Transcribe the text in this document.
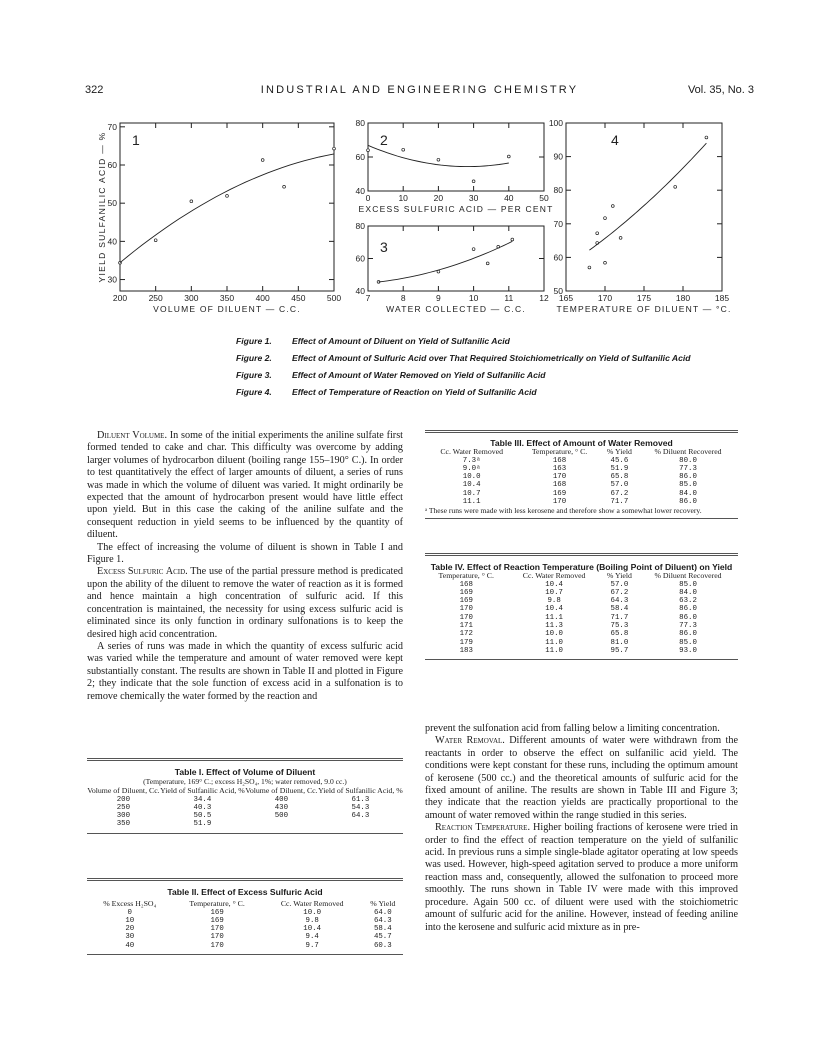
322	INDUSTRIAL AND ENGINEERING CHEMISTRY	Vol. 35, No. 3
1
200	250	300	350	400	450	500
30
40
50
60
70
VOLUME OF DILUENT — C.C.
2
0	10	20	30	40	50
40
60
80
EXCESS SULFURIC ACID — PER CENT
3
7	8	9	10	11	12
40
60
80
WATER COLLECTED — C.C.
4
165	170	175	180	185
50
60
70
80
90
100
TEMPERATURE OF DILUENT — °C.
YIELD SULFANILIC ACID — %
Figure 1.	Effect of Amount of Diluent on Yield of Sulfanilic Acid
Figure 2.	Effect of Amount of Sulfuric Acid over That Required Stoichiometrically on Yield of Sulfanilic Acid
Figure 3.	Effect of Amount of Water Removed on Yield of Sulfanilic Acid
Figure 4.	Effect of Temperature of Reaction on Yield of Sulfanilic Acid

Diluent Volume. In some of the initial experiments the aniline sulfate first formed tended to cake and char. This difficulty was overcome by adding larger volumes of hydrocarbon diluent (boiling range 155–190° C.). In order to test quantitatively the effect of larger amounts of diluent, a series of runs was made in which the volume of diluent was varied. It might ordinarily be expected that the amount of hydrocarbon present would have little effect upon yield. But in this case the caking of the aniline sulfate and the consequent reduction in yield seems to be influenced by the quantity of diluent.

The effect of increasing the volume of diluent is shown in Table I and Figure 1.

Excess Sulfuric Acid. The use of the partial pressure method is predicated upon the ability of the diluent to remove the water of reaction as it is formed and hence maintain a high concentration of sulfuric acid. If this concentration is maintained, the necessity for using excess sulfuric acid is eliminated since its only function in ordinary sulfonations is to keep the desired high acid concentration.

A series of runs was made in which the quantity of excess sulfuric acid was varied while the temperature and amount of water removed were kept substantially constant. The results are shown in Table II and plotted in Figure 2; they indicate that the sole function of excess acid in a sulfonation is to remove chemically the water formed by the reaction and

Table I. Effect of Volume of Diluent
(Temperature, 169° C.; excess H₂SO₄, 1%; water removed, 9.0 cc.)
Volume of Diluent, Cc.	Yield of Sulfanilic Acid, %	Volume of Diluent, Cc.	Yield of Sulfanilic Acid, %
200	34.4	400	61.3
250	40.3	430	54.3
300	50.5	500	64.3
350	51.9		
Table II. Effect of Excess Sulfuric Acid
% Excess H₂SO₄	Temperature, ° C.	Cc. Water Removed	% Yield
0	169	10.0	64.0
10	169	9.8	64.3
20	170	10.4	58.4
30	170	9.4	45.7
40	170	9.7	60.3
Table III. Effect of Amount of Water Removed
Cc. Water Removed	Temperature, ° C.	% Yield	% Diluent Recovered
7.3ᵃ	168	45.6	80.0
9.0ᵃ	163	51.9	77.3
10.0	170	65.8	86.0
10.4	168	57.0	85.0
10.7	169	67.2	84.0
11.1	170	71.7	86.0
ᵃ These runs were made with less kerosene and therefore show a somewhat lower recovery.
Table IV. Effect of Reaction Temperature (Boiling Point of Diluent) on Yield
Temperature, ° C.	Cc. Water Removed	% Yield	% Diluent Recovered
168	10.4	57.0	85.0
169	10.7	67.2	84.0
169	9.8	64.3	63.2
170	10.4	58.4	86.0
170	11.1	71.7	86.0
171	11.3	75.3	77.3
172	10.0	65.8	86.0
179	11.0	81.0	85.0
183	11.0	95.7	93.0

prevent the sulfonation acid from falling below a limiting concentration.

Water Removal. Different amounts of water were withdrawn from the reactants in order to observe the effect on sulfanilic acid yield. The conditions were kept constant for these runs, including the optimum amount of kerosene (500 cc.) and the theoretical amounts of sulfuric acid for the fixed amount of aniline. The results are shown in Table III and Figure 3; they indicate that the reaction yields are practically proportional to the amount of water removed within the range studied in this series.

Reaction Temperature. Higher boiling fractions of kerosene were tried in order to find the effect of reaction temperature on the yield of sulfanilic acid. In previous runs a simple single-blade agitator operating at low speeds was used. However, high-speed agitation served to produce a more uniform reaction mass and, consequently, allowed the sulfonation to proceed more smoothly. The runs shown in Table IV were made with this improved procedure. Again 500 cc. of diluent were used with the stoichiometric amount of sulfuric acid for the aniline. However, instead of feeding aniline into the kerosene and sulfuric acid mixture as in pre-
